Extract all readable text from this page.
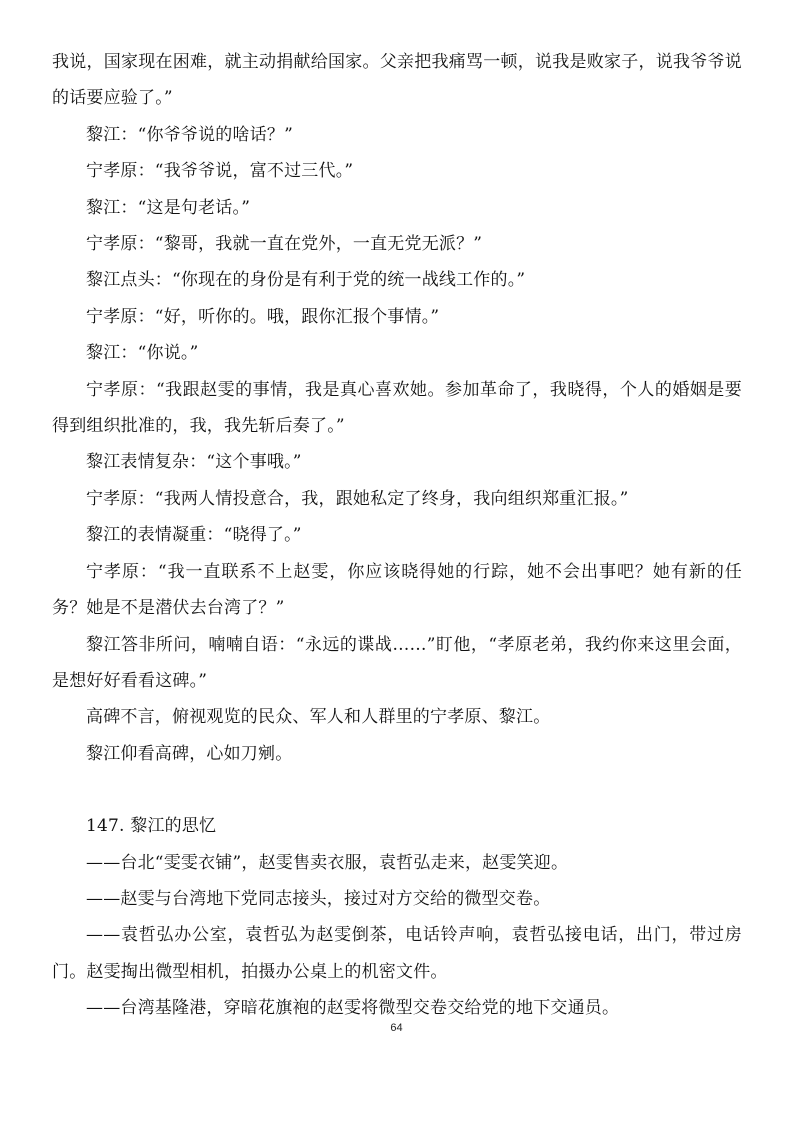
我说，国家现在困难，就主动捐献给国家。父亲把我痛骂一顿，说我是败家子，说我爷爷说的话要应验了。”

黎江：“你爷爷说的啥话？”

宁孝原：“我爷爷说，富不过三代。”

黎江：“这是句老话。”

宁孝原：“黎哥，我就一直在党外，一直无党无派？”

黎江点头：“你现在的身份是有利于党的统一战线工作的。”

宁孝原：“好，听你的。哦，跟你汇报个事情。”

黎江：“你说。”

宁孝原：“我跟赵雯的事情，我是真心喜欢她。参加革命了，我晓得，个人的婚姻是要得到组织批准的，我，我先斩后奏了。”

黎江表情复杂：“这个事哦。”

宁孝原：“我两人情投意合，我，跟她私定了终身，我向组织郑重汇报。”

黎江的表情凝重：“晓得了。”

宁孝原：“我一直联系不上赵雯，你应该晓得她的行踪，她不会出事吧？她有新的任务？她是不是潜伏去台湾了？”

黎江答非所问，喃喃自语：“永远的谍战……”盯他，“孝原老弟，我约你来这里会面，是想好好看看这碑。”

高碑不言，俯视观览的民众、军人和人群里的宁孝原、黎江。

黎江仰看高碑，心如刀剜。

147. 黎江的思忆

——台北“雯雯衣铺”，赵雯售卖衣服，袁哲弘走来，赵雯笑迎。

——赵雯与台湾地下党同志接头，接过对方交给的微型交卷。

——袁哲弘办公室，袁哲弘为赵雯倒茶，电话铃声响，袁哲弘接电话，出门，带过房门。赵雯掏出微型相机，拍摄办公桌上的机密文件。

——台湾基隆港，穿暗花旗袍的赵雯将微型交卷交给党的地下交通员。

64
